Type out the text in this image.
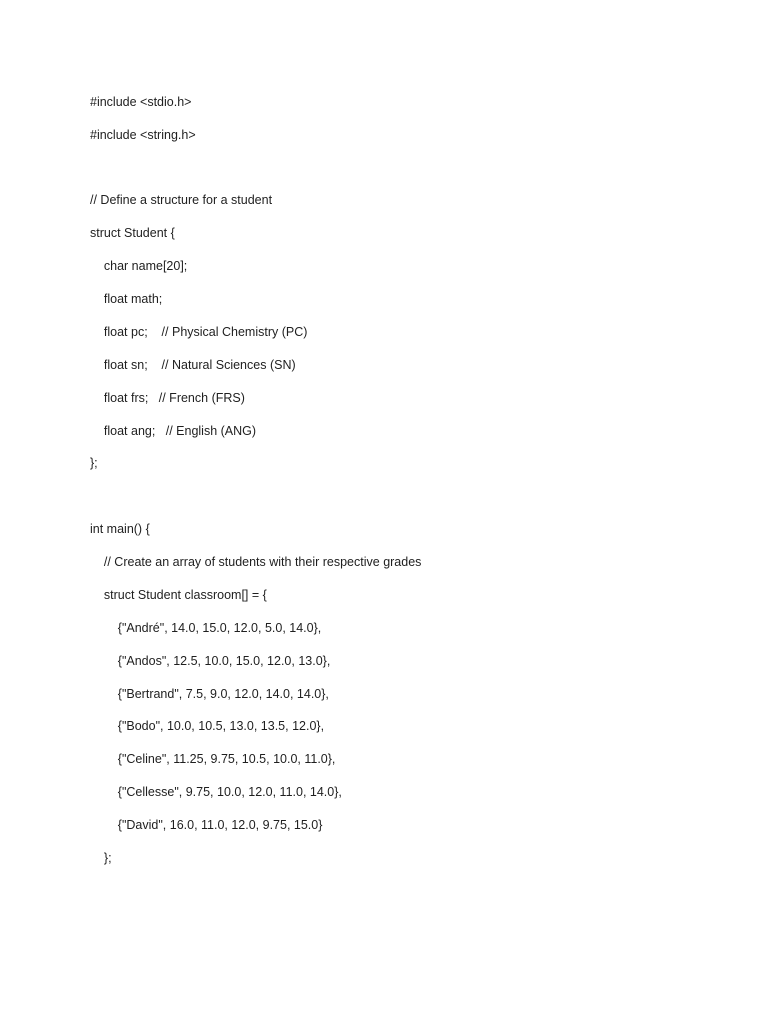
#include <stdio.h>
#include <string.h>
// Define a structure for a student
struct Student {
char name[20];
float math;
float pc;    // Physical Chemistry (PC)
float sn;    // Natural Sciences (SN)
float frs;   // French (FRS)
float ang;   // English (ANG)
};
int main() {
// Create an array of students with their respective grades
struct Student classroom[] = {
{"André", 14.0, 15.0, 12.0, 5.0, 14.0},
{"Andos", 12.5, 10.0, 15.0, 12.0, 13.0},
{"Bertrand", 7.5, 9.0, 12.0, 14.0, 14.0},
{"Bodo", 10.0, 10.5, 13.0, 13.5, 12.0},
{"Celine", 11.25, 9.75, 10.5, 10.0, 11.0},
{"Cellesse", 9.75, 10.0, 12.0, 11.0, 14.0},
{"David", 16.0, 11.0, 12.0, 9.75, 15.0}
};
